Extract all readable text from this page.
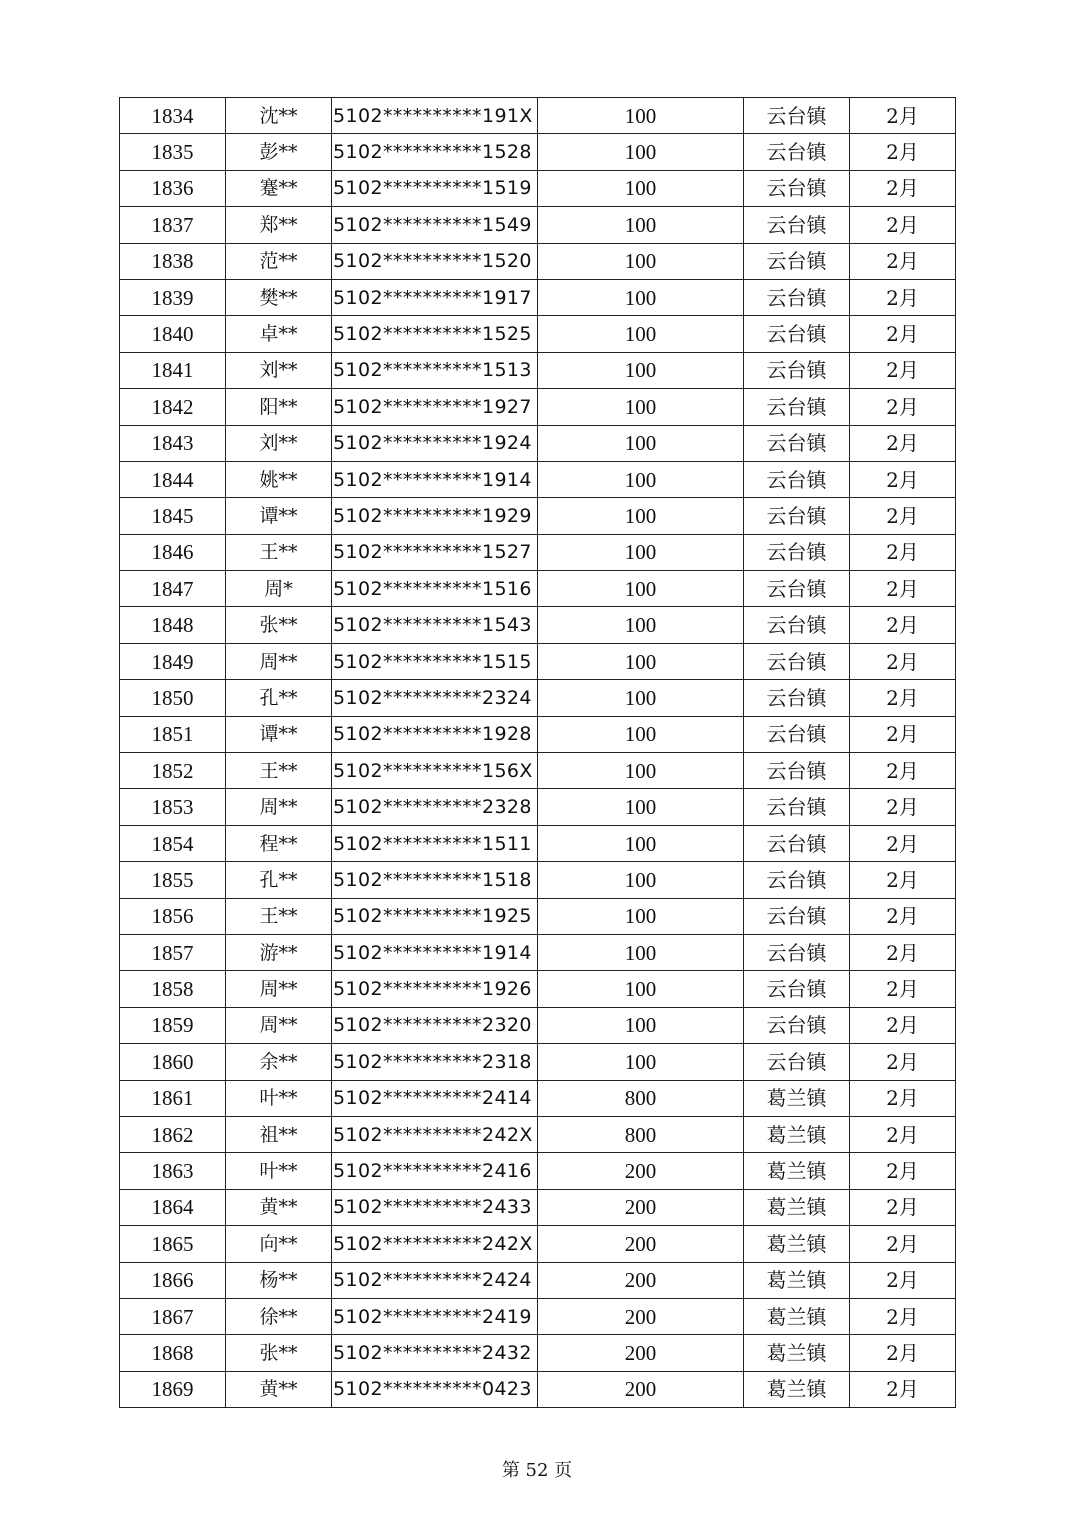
1834	沈**	5102**********191X	100	云台镇	2月
1835	彭**	5102**********1528	100	云台镇	2月
1836	蹇**	5102**********1519	100	云台镇	2月
1837	郑**	5102**********1549	100	云台镇	2月
1838	范**	5102**********1520	100	云台镇	2月
1839	樊**	5102**********1917	100	云台镇	2月
1840	卓**	5102**********1525	100	云台镇	2月
1841	刘**	5102**********1513	100	云台镇	2月
1842	阳**	5102**********1927	100	云台镇	2月
1843	刘**	5102**********1924	100	云台镇	2月
1844	姚**	5102**********1914	100	云台镇	2月
1845	谭**	5102**********1929	100	云台镇	2月
1846	王**	5102**********1527	100	云台镇	2月
1847	周*	5102**********1516	100	云台镇	2月
1848	张**	5102**********1543	100	云台镇	2月
1849	周**	5102**********1515	100	云台镇	2月
1850	孔**	5102**********2324	100	云台镇	2月
1851	谭**	5102**********1928	100	云台镇	2月
1852	王**	5102**********156X	100	云台镇	2月
1853	周**	5102**********2328	100	云台镇	2月
1854	程**	5102**********1511	100	云台镇	2月
1855	孔**	5102**********1518	100	云台镇	2月
1856	王**	5102**********1925	100	云台镇	2月
1857	游**	5102**********1914	100	云台镇	2月
1858	周**	5102**********1926	100	云台镇	2月
1859	周**	5102**********2320	100	云台镇	2月
1860	余**	5102**********2318	100	云台镇	2月
1861	叶**	5102**********2414	800	葛兰镇	2月
1862	祖**	5102**********242X	800	葛兰镇	2月
1863	叶**	5102**********2416	200	葛兰镇	2月
1864	黄**	5102**********2433	200	葛兰镇	2月
1865	向**	5102**********242X	200	葛兰镇	2月
1866	杨**	5102**********2424	200	葛兰镇	2月
1867	徐**	5102**********2419	200	葛兰镇	2月
1868	张**	5102**********2432	200	葛兰镇	2月
1869	黄**	5102**********0423	200	葛兰镇	2月
第 52 页
